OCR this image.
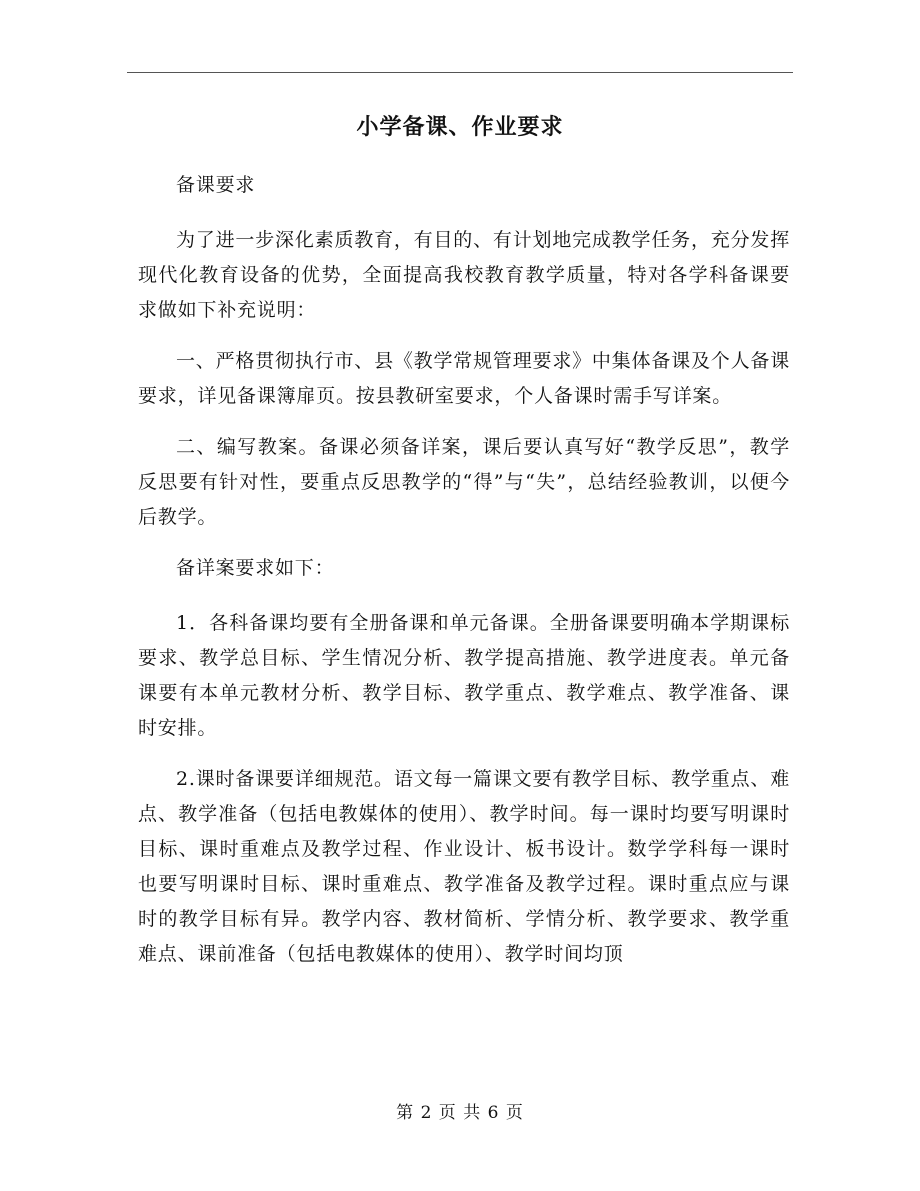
小学备课、作业要求

备课要求

为了进一步深化素质教育，有目的、有计划地完成教学任务，充分发挥现代化教育设备的优势，全面提高我校教育教学质量，特对各学科备课要求做如下补充说明：

一、严格贯彻执行市、县《教学常规管理要求》中集体备课及个人备课要求，详见备课簿扉页。按县教研室要求，个人备课时需手写详案。

二、编写教案。备课必须备详案，课后要认真写好“教学反思”，教学反思要有针对性，要重点反思教学的“得”与“失”，总结经验教训，以便今后教学。

备详案要求如下：

1．各科备课均要有全册备课和单元备课。全册备课要明确本学期课标要求、教学总目标、学生情况分析、教学提高措施、教学进度表。单元备课要有本单元教材分析、教学目标、教学重点、教学难点、教学准备、课时安排。

2.课时备课要详细规范。语文每一篇课文要有教学目标、教学重点、难点、教学准备（包括电教媒体的使用）、教学时间。每一课时均要写明课时目标、课时重难点及教学过程、作业设计、板书设计。数学学科每一课时也要写明课时目标、课时重难点、教学准备及教学过程。课时重点应与课时的教学目标有异。教学内容、教材简析、学情分析、教学要求、教学重难点、课前准备（包括电教媒体的使用）、教学时间均顶

第 2 页 共 6 页
